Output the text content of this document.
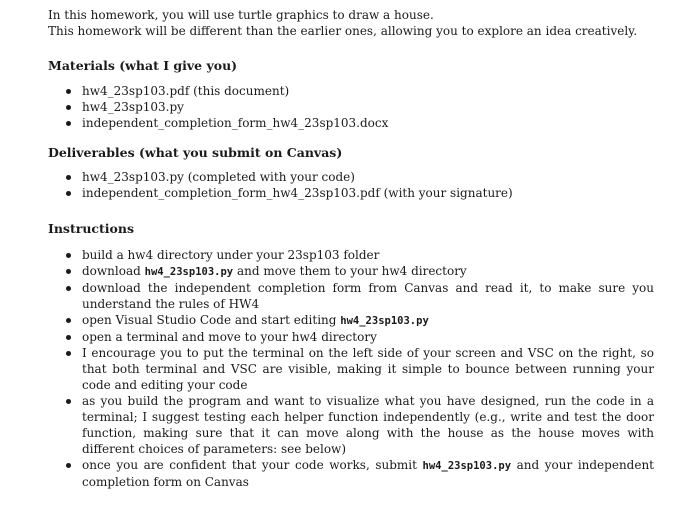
In this homework, you will use turtle graphics to draw a house.
This homework will be different than the earlier ones, allowing you to explore an idea creatively.
Materials (what I give you)
hw4_23sp103.pdf (this document)
hw4_23sp103.py
independent_completion_form_hw4_23sp103.docx
Deliverables (what you submit on Canvas)
hw4_23sp103.py (completed with your code)
independent_completion_form_hw4_23sp103.pdf (with your signature)
Instructions
build a hw4 directory under your 23sp103 folder
download hw4_23sp103.py and move them to your hw4 directory
download the independent completion form from Canvas and read it, to make sure you understand the rules of HW4
open Visual Studio Code and start editing hw4_23sp103.py
open a terminal and move to your hw4 directory
I encourage you to put the terminal on the left side of your screen and VSC on the right, so that both terminal and VSC are visible, making it simple to bounce between running your code and editing your code
as you build the program and want to visualize what you have designed, run the code in a terminal; I suggest testing each helper function independently (e.g., write and test the door function, making sure that it can move along with the house as the house moves with different choices of parameters: see below)
once you are confident that your code works, submit hw4_23sp103.py and your independent completion form on Canvas
